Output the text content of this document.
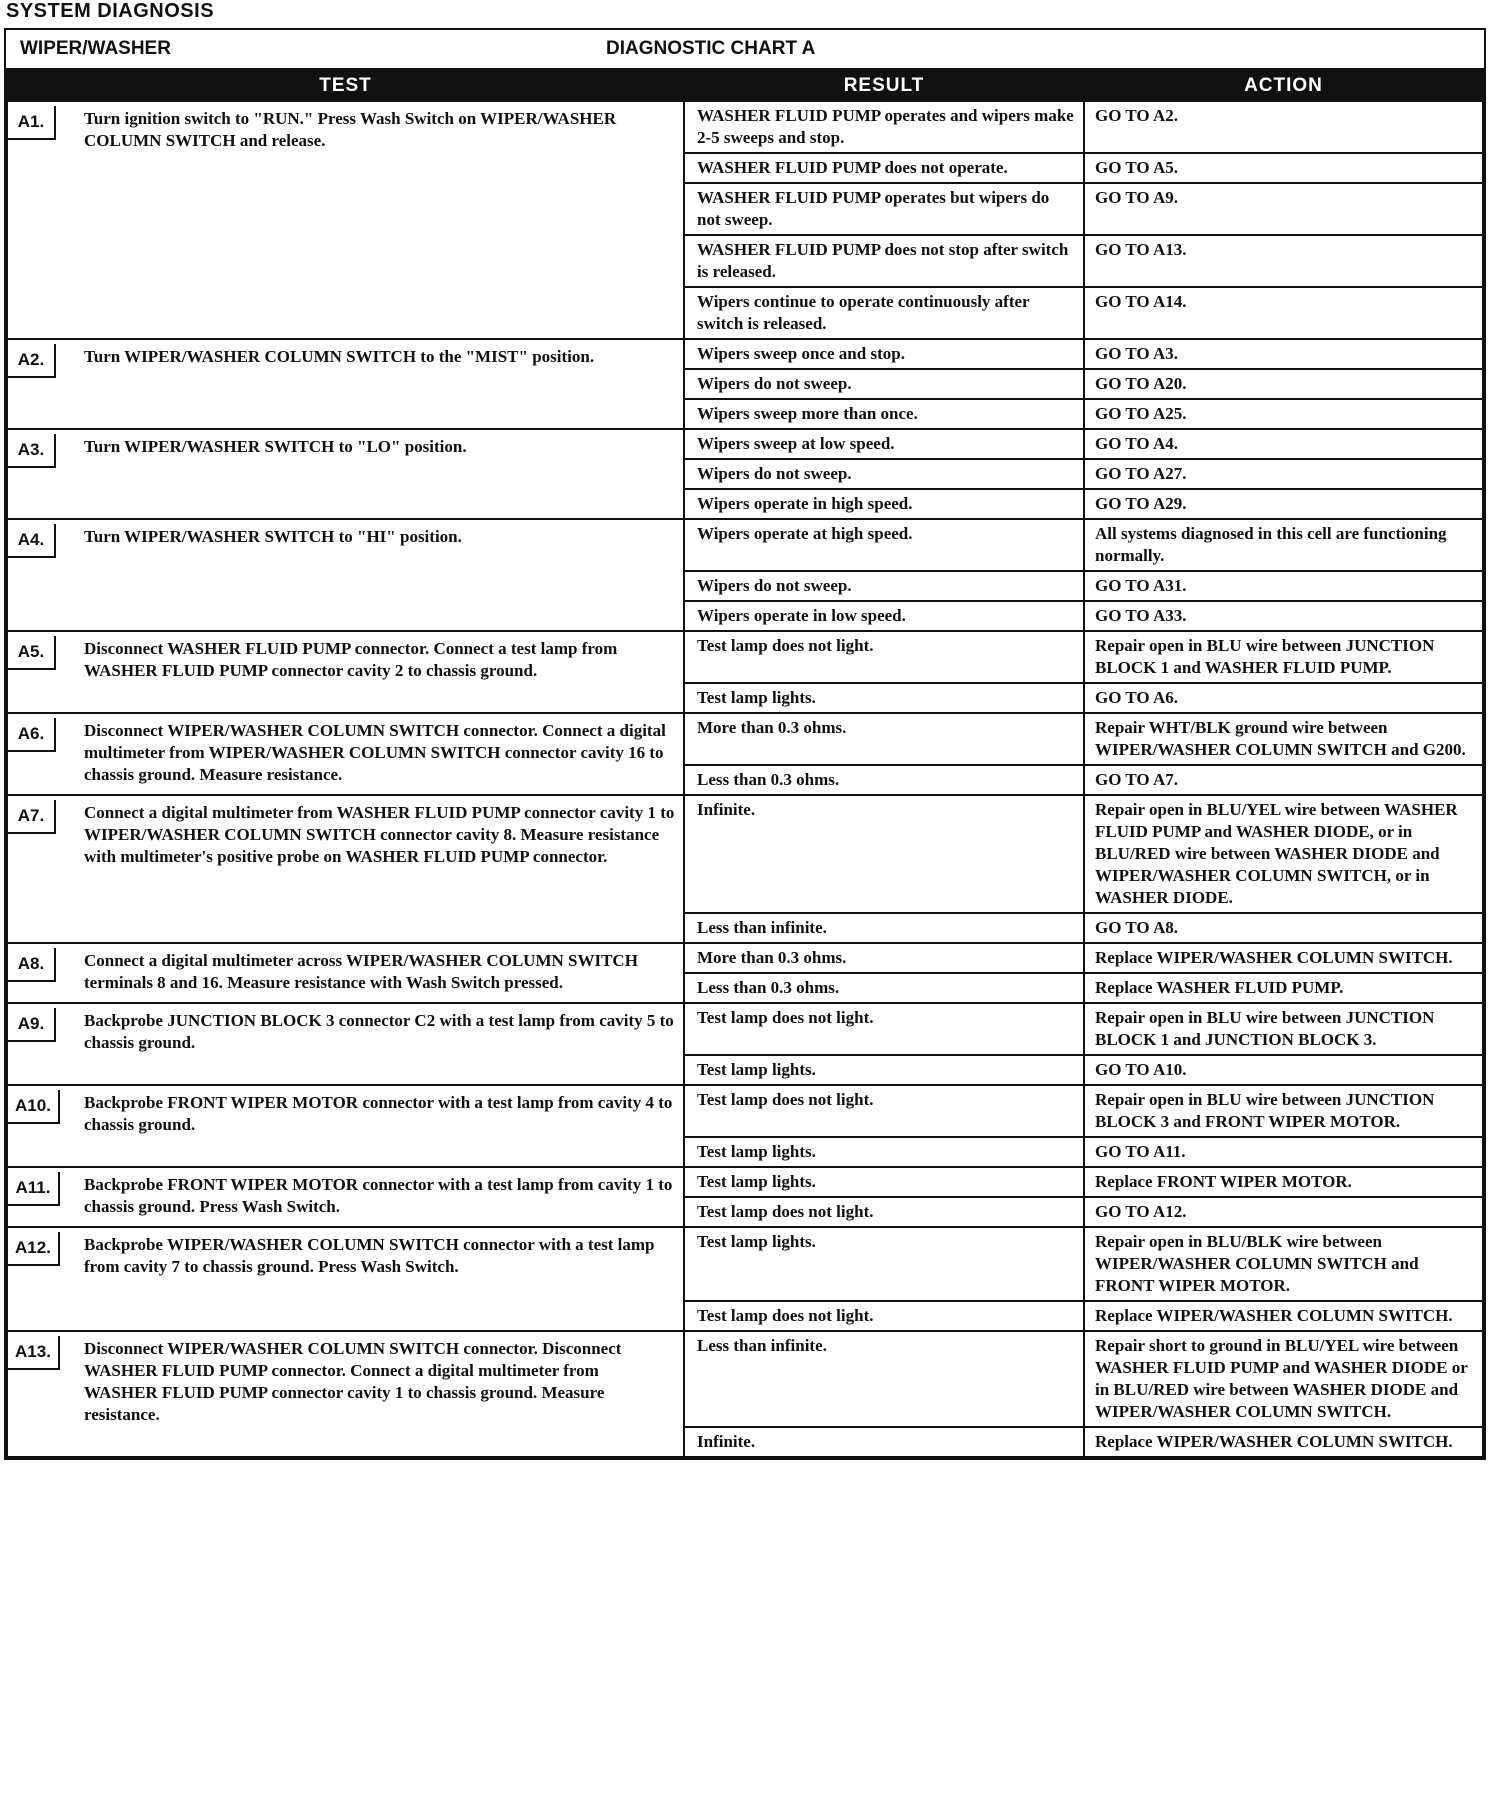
SYSTEM DIAGNOSIS
WIPER/WASHER	DIAGNOSTIC CHART A
TEST	RESULT	ACTION

A1. Turn ignition switch to "RUN." Press Wash Switch on WIPER/WASHER COLUMN SWITCH and release.	WASHER FLUID PUMP operates and wipers make 2-5 sweeps and stop.	GO TO A2.
	WASHER FLUID PUMP does not operate.	GO TO A5.
	WASHER FLUID PUMP operates but wipers do not sweep.	GO TO A9.
	WASHER FLUID PUMP does not stop after switch is released.	GO TO A13.
	Wipers continue to operate continuously after switch is released.	GO TO A14.

A2. Turn WIPER/WASHER COLUMN SWITCH to the "MIST" position.	Wipers sweep once and stop.	GO TO A3.
	Wipers do not sweep.	GO TO A20.
	Wipers sweep more than once.	GO TO A25.

A3. Turn WIPER/WASHER SWITCH to "LO" position.	Wipers sweep at low speed.	GO TO A4.
	Wipers do not sweep.	GO TO A27.
	Wipers operate in high speed.	GO TO A29.

A4. Turn WIPER/WASHER SWITCH to "HI" position.	Wipers operate at high speed.	All systems diagnosed in this cell are functioning normally.
	Wipers do not sweep.	GO TO A31.
	Wipers operate in low speed.	GO TO A33.

A5. Disconnect WASHER FLUID PUMP connector. Connect a test lamp from WASHER FLUID PUMP connector cavity 2 to chassis ground.	Test lamp does not light.	Repair open in BLU wire between JUNCTION BLOCK 1 and WASHER FLUID PUMP.
	Test lamp lights.	GO TO A6.

A6. Disconnect WIPER/WASHER COLUMN SWITCH connector. Connect a digital multimeter from WIPER/WASHER COLUMN SWITCH connector cavity 16 to chassis ground. Measure resistance.	More than 0.3 ohms.	Repair WHT/BLK ground wire between WIPER/WASHER COLUMN SWITCH and G200.
	Less than 0.3 ohms.	GO TO A7.

A7. Connect a digital multimeter from WASHER FLUID PUMP connector cavity 1 to WIPER/WASHER COLUMN SWITCH connector cavity 8. Measure resistance with multimeter's positive probe on WASHER FLUID PUMP connector.	Infinite.	Repair open in BLU/YEL wire between WASHER FLUID PUMP and WASHER DIODE, or in BLU/RED wire between WASHER DIODE and WIPER/WASHER COLUMN SWITCH, or in WASHER DIODE.
	Less than infinite.	GO TO A8.

A8. Connect a digital multimeter across WIPER/WASHER COLUMN SWITCH terminals 8 and 16. Measure resistance with Wash Switch pressed.	More than 0.3 ohms.	Replace WIPER/WASHER COLUMN SWITCH.
	Less than 0.3 ohms.	Replace WASHER FLUID PUMP.

A9. Backprobe JUNCTION BLOCK 3 connector C2 with a test lamp from cavity 5 to chassis ground.	Test lamp does not light.	Repair open in BLU wire between JUNCTION BLOCK 1 and JUNCTION BLOCK 3.
	Test lamp lights.	GO TO A10.

A10. Backprobe FRONT WIPER MOTOR connector with a test lamp from cavity 4 to chassis ground.	Test lamp does not light.	Repair open in BLU wire between JUNCTION BLOCK 3 and FRONT WIPER MOTOR.
	Test lamp lights.	GO TO A11.

A11. Backprobe FRONT WIPER MOTOR connector with a test lamp from cavity 1 to chassis ground. Press Wash Switch.	Test lamp lights.	Replace FRONT WIPER MOTOR.
	Test lamp does not light.	GO TO A12.

A12. Backprobe WIPER/WASHER COLUMN SWITCH connector with a test lamp from cavity 7 to chassis ground. Press Wash Switch.	Test lamp lights.	Repair open in BLU/BLK wire between WIPER/WASHER COLUMN SWITCH and FRONT WIPER MOTOR.
	Test lamp does not light.	Replace WIPER/WASHER COLUMN SWITCH.

A13. Disconnect WIPER/WASHER COLUMN SWITCH connector. Disconnect WASHER FLUID PUMP connector. Connect a digital multimeter from WASHER FLUID PUMP connector cavity 1 to chassis ground. Measure resistance.	Less than infinite.	Repair short to ground in BLU/YEL wire between WASHER FLUID PUMP and WASHER DIODE or in BLU/RED wire between WASHER DIODE and WIPER/WASHER COLUMN SWITCH.
	Infinite.	Replace WIPER/WASHER COLUMN SWITCH.
